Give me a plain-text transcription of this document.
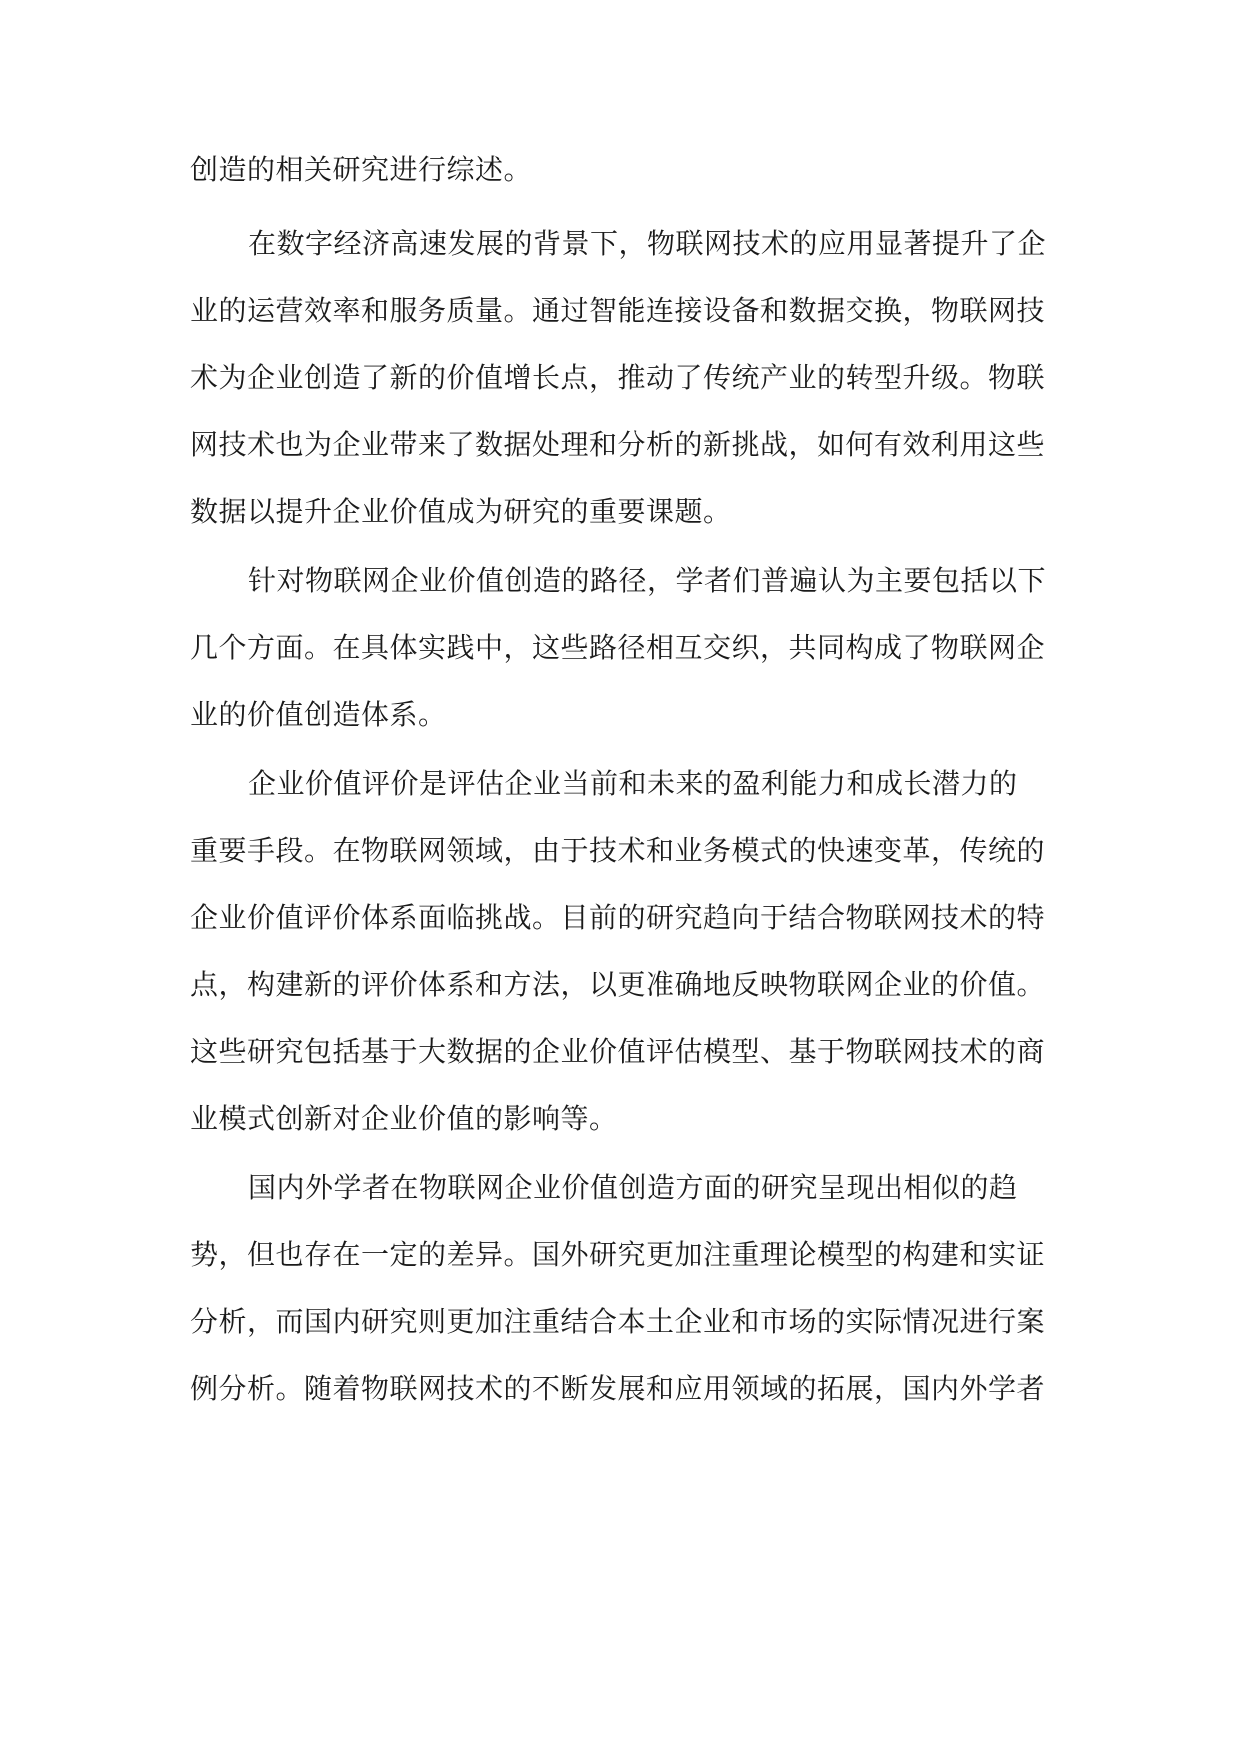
创造的相关研究进行综述。
在数字经济高速发展的背景下，物联网技术的应用显著提升了企
业的运营效率和服务质量。通过智能连接设备和数据交换，物联网技
术为企业创造了新的价值增长点，推动了传统产业的转型升级。物联
网技术也为企业带来了数据处理和分析的新挑战，如何有效利用这些
数据以提升企业价值成为研究的重要课题。
针对物联网企业价值创造的路径，学者们普遍认为主要包括以下
几个方面。在具体实践中，这些路径相互交织，共同构成了物联网企
业的价值创造体系。
企业价值评价是评估企业当前和未来的盈利能力和成长潜力的
重要手段。在物联网领域，由于技术和业务模式的快速变革，传统的
企业价值评价体系面临挑战。目前的研究趋向于结合物联网技术的特
点，构建新的评价体系和方法，以更准确地反映物联网企业的价值。
这些研究包括基于大数据的企业价值评估模型、基于物联网技术的商
业模式创新对企业价值的影响等。
国内外学者在物联网企业价值创造方面的研究呈现出相似的趋
势，但也存在一定的差异。国外研究更加注重理论模型的构建和实证
分析，而国内研究则更加注重结合本土企业和市场的实际情况进行案
例分析。随着物联网技术的不断发展和应用领域的拓展，国内外学者
